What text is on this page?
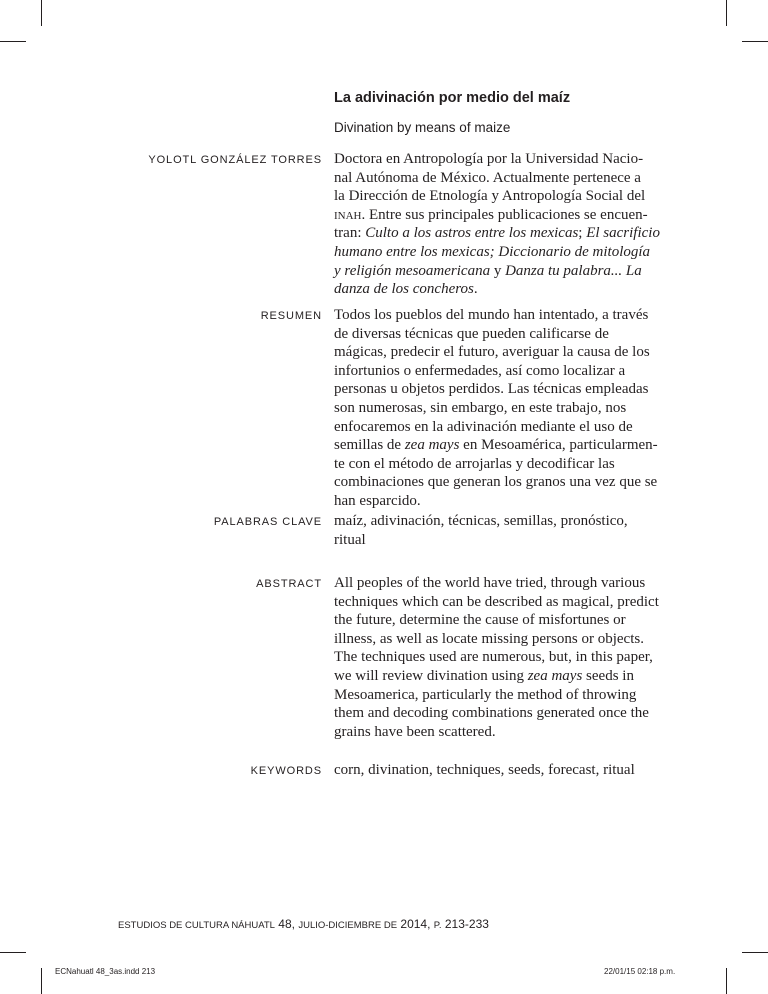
La adivinación por medio del maíz
Divination by means of maize
YOLOTL GONZÁLEZ TORRES Doctora en Antropología por la Universidad Nacio-
nal Autónoma de México. Actualmente pertenece a
la Dirección de Etnología y Antropología Social del
inah. Entre sus principales publicaciones se encuen-
tran: Culto a los astros entre los mexicas; El sacrificio
humano entre los mexicas; Diccionario de mitología
y religión mesoamericana y Danza tu palabra... La
danza de los concheros.
RESUMEN Todos los pueblos del mundo han intentado, a través
de diversas técnicas que pueden calificarse de
mágicas, predecir el futuro, averiguar la causa de los
infortunios o enfermedades, así como localizar a
personas u objetos perdidos. Las técnicas empleadas
son numerosas, sin embargo, en este trabajo, nos
enfocaremos en la adivinación mediante el uso de
semillas de zea mays en Mesoamérica, particularmen-
te con el método de arrojarlas y decodificar las
combinaciones que generan los granos una vez que se
han esparcido.
PALABRAS CLAVE maíz, adivinación, técnicas, semillas, pronóstico,
ritual
ABSTRACT All peoples of the world have tried, through various
techniques which can be described as magical, predict
the future, determine the cause of misfortunes or
illness, as well as locate missing persons or objects.
The techniques used are numerous, but, in this paper,
we will review divination using zea mays seeds in
Mesoamerica, particularly the method of throwing
them and decoding combinations generated once the
grains have been scattered.
KEYWORDS corn, divination, techniques, seeds, forecast, ritual
ESTUDIOS DE CULTURA NÁHUATL 48, JULIO-DICIEMBRE DE 2014, P. 213-233
ECNahuatl 48_3as.indd 213	22/01/15 02:18 p.m.
